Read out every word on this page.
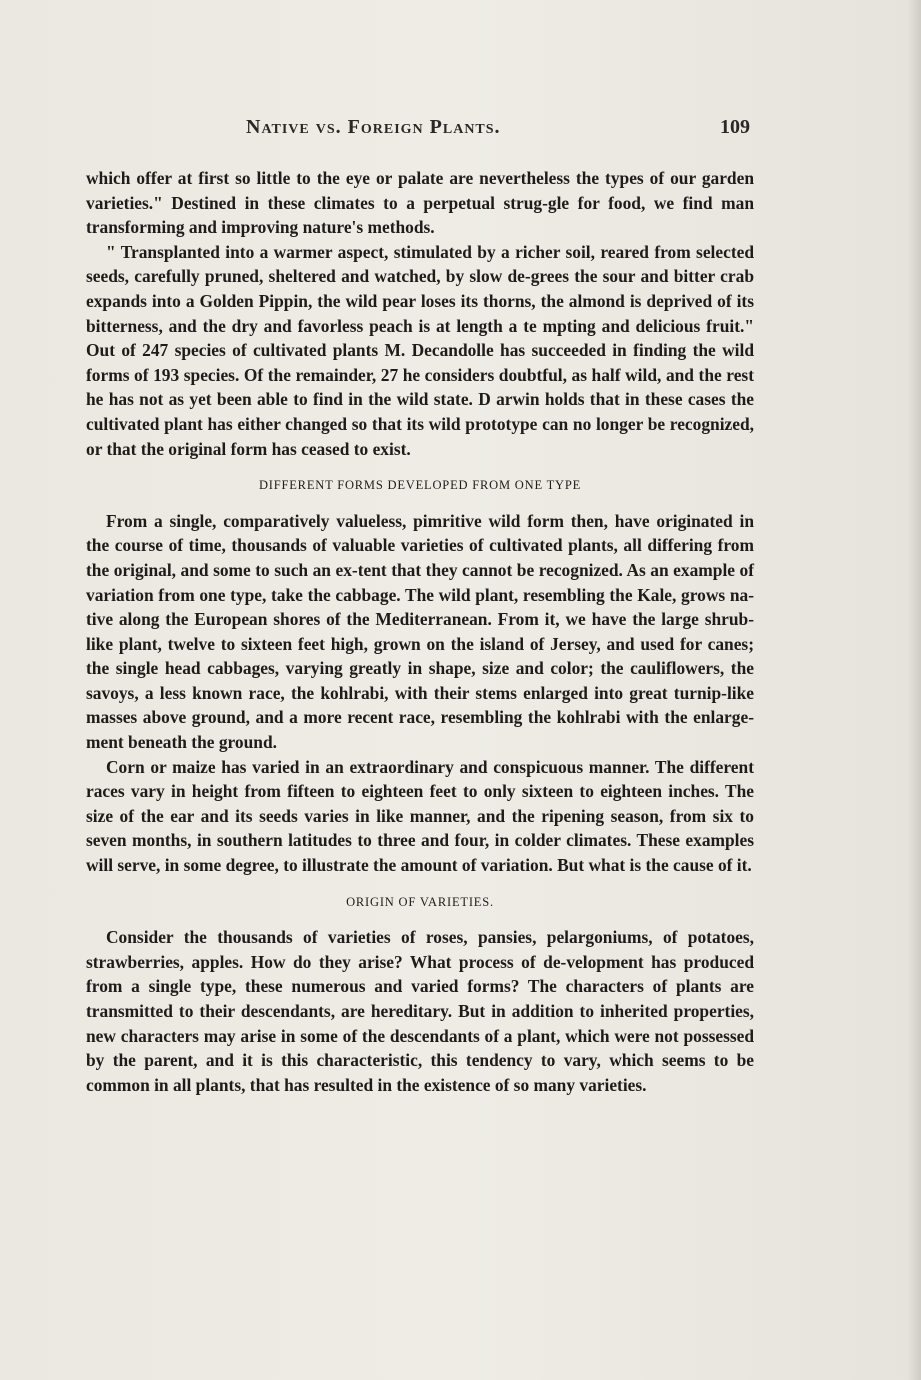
Native vs. Foreign Plants.	109

which offer at first so little to the eye or palate are nevertheless the types of our garden varieties." Destined in these climates to a perpetual strug-gle for food, we find man transforming and improving nature's methods.

" Transplanted into a warmer aspect, stimulated by a richer soil, reared from selected seeds, carefully pruned, sheltered and watched, by slow de-grees the sour and bitter crab expands into a Golden Pippin, the wild pear loses its thorns, the almond is deprived of its bitterness, and the dry and favorless peach is at length a te mpting and delicious fruit." Out of 247 species of cultivated plants M. Decandolle has succeeded in finding the wild forms of 193 species. Of the remainder, 27 he considers doubtful, as half wild, and the rest he has not as yet been able to find in the wild state. D arwin holds that in these cases the cultivated plant has either changed so that its wild prototype can no longer be recognized, or that the original form has ceased to exist.

DIFFERENT FORMS DEVELOPED FROM ONE TYPE

From a single, comparatively valueless, pimritive wild form then, have originated in the course of time, thousands of valuable varieties of cultivated plants, all differing from the original, and some to such an ex-tent that they cannot be recognized. As an example of variation from one type, take the cabbage. The wild plant, resembling the Kale, grows na-tive along the European shores of the Mediterranean. From it, we have the large shrub-like plant, twelve to sixteen feet high, grown on the island of Jersey, and used for canes; the single head cabbages, varying greatly in shape, size and color; the cauliflowers, the savoys, a less known race, the kohlrabi, with their stems enlarged into great turnip-like masses above ground, and a more recent race, resembling the kohlrabi with the enlarge-ment beneath the ground.

Corn or maize has varied in an extraordinary and conspicuous manner. The different races vary in height from fifteen to eighteen feet to only sixteen to eighteen inches. The size of the ear and its seeds varies in like manner, and the ripening season, from six to seven months, in southern latitudes to three and four, in colder climates. These examples will serve, in some degree, to illustrate the amount of variation. But what is the cause of it.

ORIGIN OF VARIETIES.

Consider the thousands of varieties of roses, pansies, pelargoniums, of potatoes, strawberries, apples. How do they arise? What process of de-velopment has produced from a single type, these numerous and varied forms? The characters of plants are transmitted to their descendants, are hereditary. But in addition to inherited properties, new characters may arise in some of the descendants of a plant, which were not possessed by the parent, and it is this characteristic, this tendency to vary, which seems to be common in all plants, that has resulted in the existence of so many varieties.
